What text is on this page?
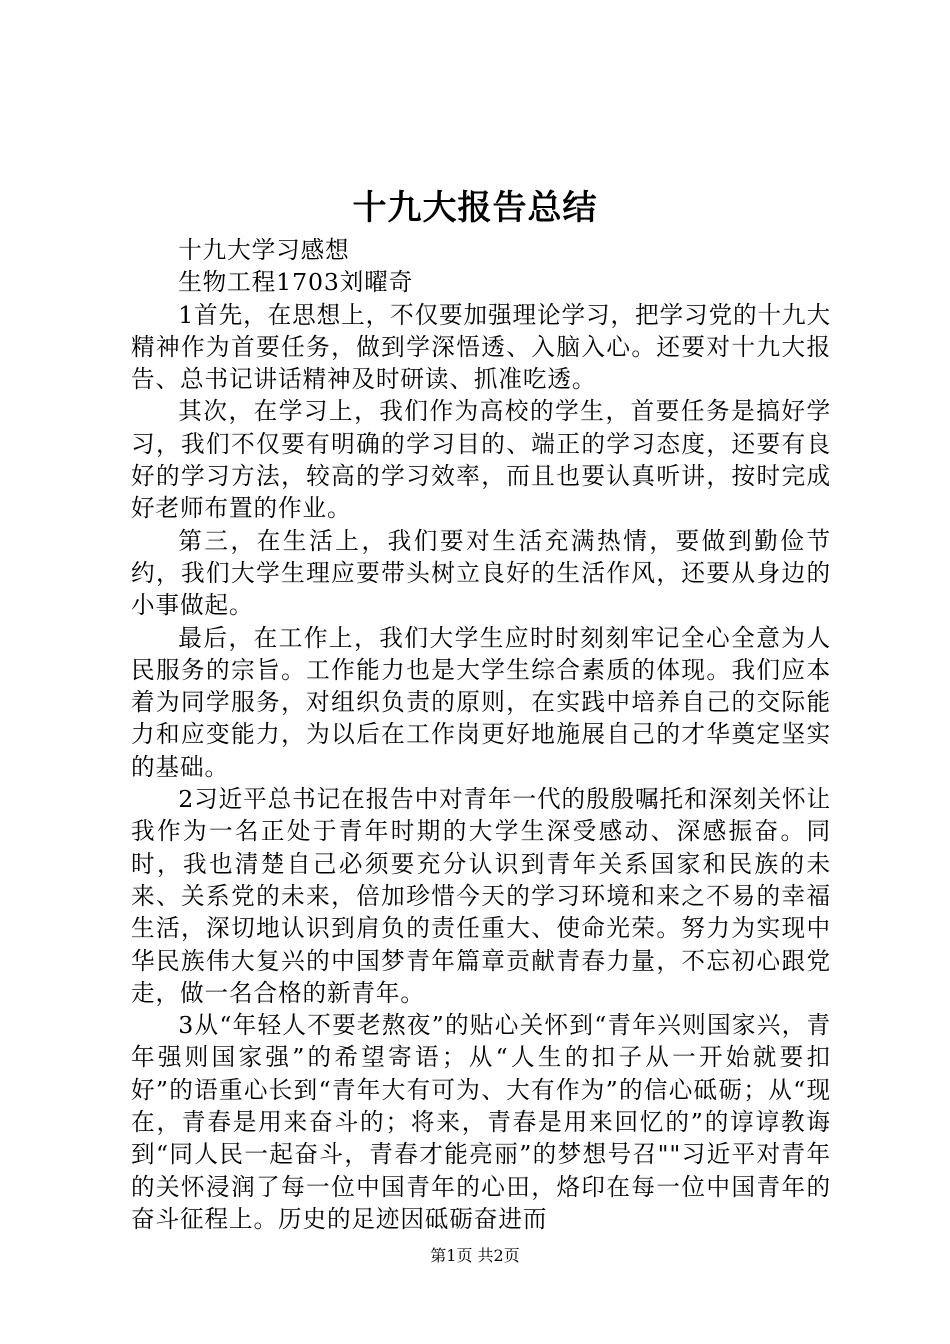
十九大报告总结

十九大学习感想

生物工程1703刘曜奇

1首先，在思想上，不仅要加强理论学习，把学习党的十九大精神作为首要任务，做到学深悟透、入脑入心。还要对十九大报告、总书记讲话精神及时研读、抓准吃透。

其次，在学习上，我们作为高校的学生，首要任务是搞好学习，我们不仅要有明确的学习目的、端正的学习态度，还要有良好的学习方法，较高的学习效率，而且也要认真听讲，按时完成好老师布置的作业。

第三，在生活上，我们要对生活充满热情，要做到勤俭节约，我们大学生理应要带头树立良好的生活作风，还要从身边的小事做起。

最后，在工作上，我们大学生应时时刻刻牢记全心全意为人民服务的宗旨。工作能力也是大学生综合素质的体现。我们应本着为同学服务，对组织负责的原则，在实践中培养自己的交际能力和应变能力，为以后在工作岗更好地施展自己的才华奠定坚实的基础。

2习近平总书记在报告中对青年一代的殷殷嘱托和深刻关怀让我作为一名正处于青年时期的大学生深受感动、深感振奋。同时，我也清楚自己必须要充分认识到青年关系国家和民族的未来、关系党的未来，倍加珍惜今天的学习环境和来之不易的幸福生活，深切地认识到肩负的责任重大、使命光荣。努力为实现中华民族伟大复兴的中国梦青年篇章贡献青春力量，不忘初心跟党走，做一名合格的新青年。

3从“年轻人不要老熬夜”的贴心关怀到“青年兴则国家兴，青年强则国家强”的希望寄语；从“人生的扣子从一开始就要扣好”的语重心长到“青年大有可为、大有作为”的信心砥砺；从“现在，青春是用来奋斗的；将来，青春是用来回忆的”的谆谆教诲到“同人民一起奋斗，青春才能亮丽”的梦想号召""习近平对青年的关怀浸润了每一位中国青年的心田，烙印在每一位中国青年的奋斗征程上。历史的足迹因砥砺奋进而

第1页 共2页
